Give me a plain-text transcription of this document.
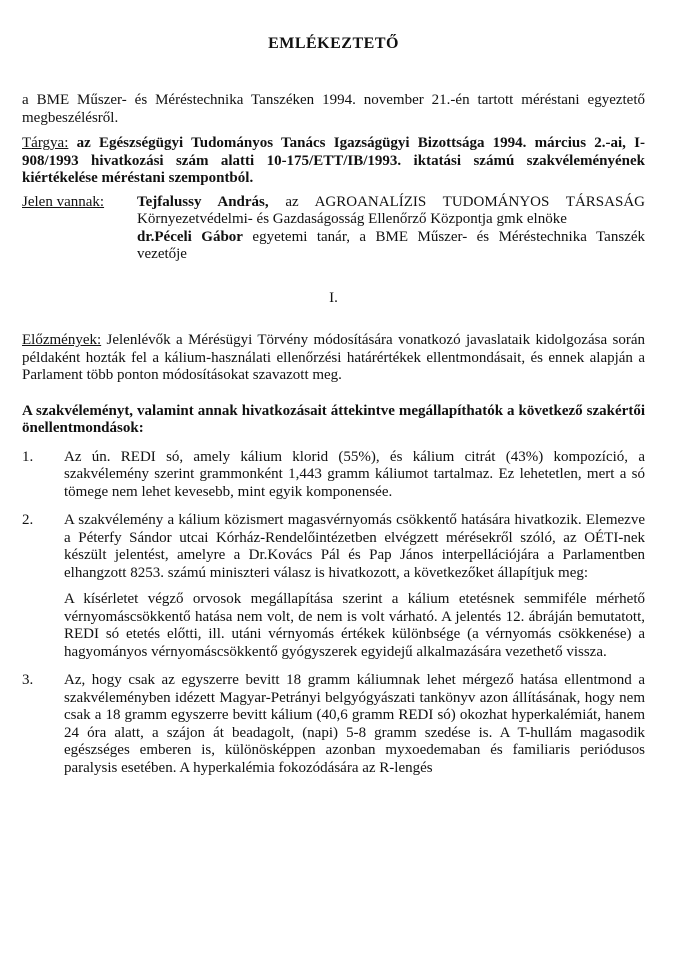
EMLÉKEZTETŐ

a BME Műszer- és Méréstechnika Tanszéken 1994. november 21.-én tartott méréstani egyeztető megbeszélésről.

Tárgya: az Egészségügyi Tudományos Tanács Igazságügyi Bizottsága 1994. március 2.-ai, I-908/1993 hivatkozási szám alatti 10-175/ETT/IB/1993. iktatási számú szakvéleményének kiértékelése méréstani szempontból.

Jelen vannak:	Tejfalussy András, az AGROANALÍZIS TUDOMÁNYOS TÁRSASÁG Környezetvédelmi- és Gazdaságosság Ellenőrző Központja gmk elnöke

dr.Péceli Gábor egyetemi tanár, a BME Műszer- és Méréstechnika Tanszék vezetője

I.

Előzmények: Jelenlévők a Mérésügyi Törvény módosítására vonatkozó javaslataik kidolgozása során példaként hozták fel a kálium-használati ellenőrzési határértékek ellentmondásait, és ennek alapján a Parlament több ponton módosításokat szavazott meg.

A szakvéleményt, valamint annak hivatkozásait áttekintve megállapíthatók a következő szakértői önellentmondások:

1.	Az ún. REDI só, amely kálium klorid (55%), és kálium citrát (43%) kompozíció, a szakvélemény szerint grammonként 1,443 gramm káliumot tartalmaz. Ez lehetetlen, mert a só tömege nem lehet kevesebb, mint egyik komponensée.

2.	A szakvélemény a kálium közismert magasvérnyomás csökkentő hatására hivatkozik. Elemezve a Péterfy Sándor utcai Kórház-Rendelőintézetben elvégzett mérésekről szóló, az OÉTI-nek készült jelentést, amelyre a Dr.Kovács Pál és Pap János interpellációjára a Parlamentben elhangzott 8253. számú miniszteri válasz is hivatkozott, a következőket állapítjuk meg:

A kísérletet végző orvosok megállapítása szerint a kálium etetésnek semmiféle mérhető vérnyomáscsökkentő hatása nem volt, de nem is volt várható. A jelentés 12. ábráján bemutatott, REDI só etetés előtti, ill. utáni vérnyomás értékek különbsége (a vérnyomás csökkenése) a hagyományos vérnyomáscsökkentő gyógyszerek egyidejű alkalmazására vezethető vissza.

3.	Az, hogy csak az egyszerre bevitt 18 gramm káliumnak lehet mérgező hatása ellentmond a szakvéleményben idézett Magyar-Petrányi belgyógyászati tankönyv azon állításának, hogy nem csak a 18 gramm egyszerre bevitt kálium (40,6 gramm REDI só) okozhat hyperkalémiát, hanem 24 óra alatt, a szájon át beadagolt, (napi) 5-8 gramm szedése is. A T-hullám magasodik egészséges emberen is, különösképpen azonban myxoedemaban és familiaris periódusos paralysis esetében. A hyperkalémia fokozódására az R-lengés
